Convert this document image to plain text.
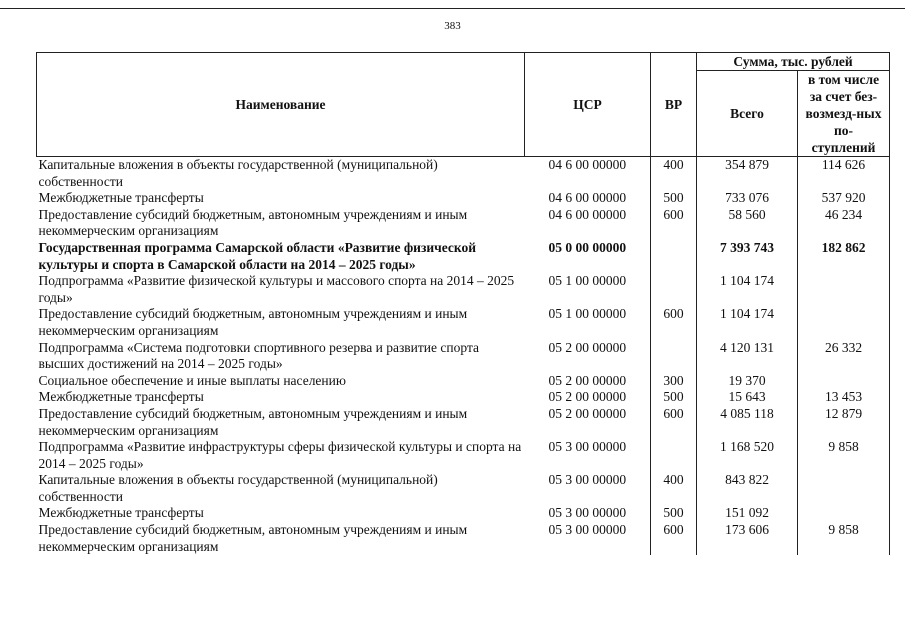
383
Наименование	ЦСР	ВР	Сумма, тыс. рублей	
			Всего	в том числе за счет без-возмезд-ных по-ступлений
Капитальные вложения в объекты государственной (муниципальной) собственности	04 6 00 00000	400	354 879	114 626
Межбюджетные трансферты	04 6 00 00000	500	733 076	537 920
Предоставление субсидий бюджетным, автономным учреждениям и иным некоммерческим организациям	04 6 00 00000	600	58 560	46 234
Государственная программа Самарской области «Развитие физической культуры и спорта в Самарской области на 2014 – 2025 годы»	05 0 00 00000		7 393 743	182 862
Подпрограмма «Развитие физической культуры и массового спорта на 2014 – 2025 годы»	05 1 00 00000		1 104 174	
Предоставление субсидий бюджетным, автономным учреждениям и иным некоммерческим организациям	05 1 00 00000	600	1 104 174	
Подпрограмма «Система подготовки спортивного резерва и развитие спорта высших достижений на 2014 – 2025 годы»	05 2 00 00000		4 120 131	26 332
Социальное обеспечение и иные выплаты населению	05 2 00 00000	300	19 370	
Межбюджетные трансферты	05 2 00 00000	500	15 643	13 453
Предоставление субсидий бюджетным, автономным учреждениям и иным некоммерческим организациям	05 2 00 00000	600	4 085 118	12 879
Подпрограмма «Развитие инфраструктуры сферы физической культуры и спорта на 2014 – 2025 годы»	05 3 00 00000		1 168 520	9 858
Капитальные вложения в объекты государственной (муниципальной) собственности	05 3 00 00000	400	843 822	
Межбюджетные трансферты	05 3 00 00000	500	151 092	
Предоставление субсидий бюджетным, автономным учреждениям и иным некоммерческим организациям	05 3 00 00000	600	173 606	9 858
